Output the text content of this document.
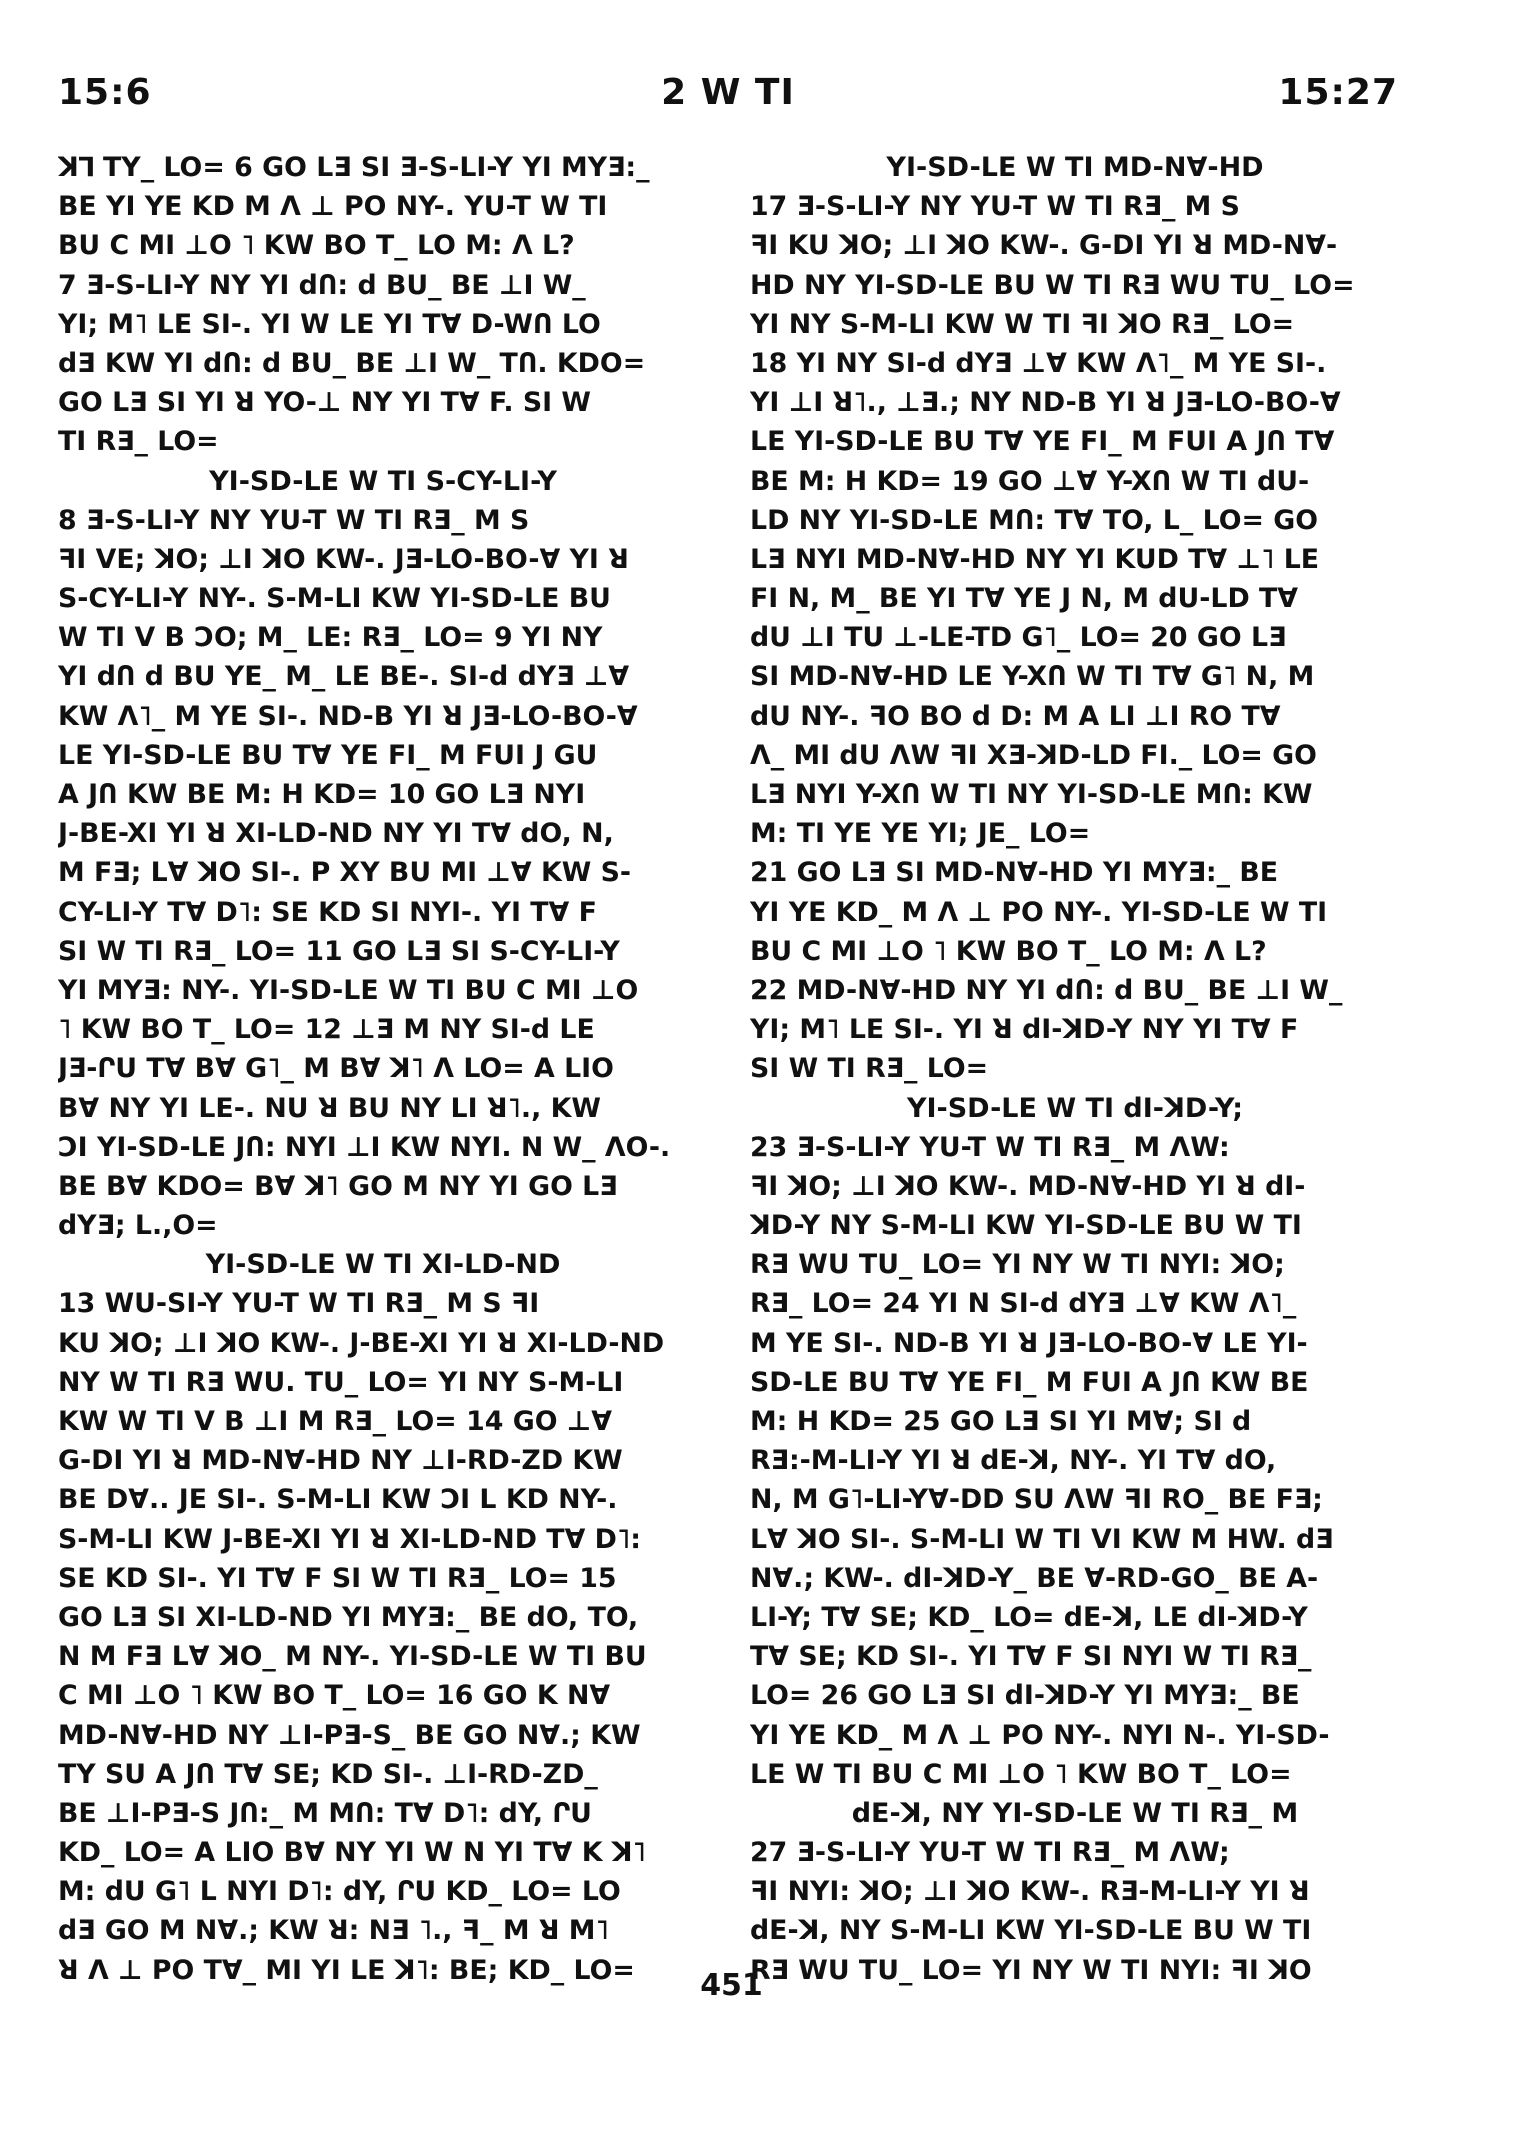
15:6	2 W TI	15:27
ꓘꓶ TY_ LO= 6 GO LƎ SI Ǝ-S-LI-Y YI MYƎ:_
BE YI YE KD M Λ ⊥ PO NY-. YU-T W TI
BU C MI ⊥O ˥ KW BO T_ LO M: Λ L?
7 Ǝ-S-LI-Y NY YI dՈ: d BU_ BE ⊥I W_
YI; M˥ LE SI-. YI W LE YI TⱯ D-WՈ LO
dƎ KW YI dՈ: d BU_ BE ⊥I W_ TՈ. KDO=
GO LƎ SI YI ꓤ YO-⊥ NY YI TⱯ F. SI W
TI RƎ_ LO=
YI-SD-LE W TI S-CY-LI-Y
8 Ǝ-S-LI-Y NY YU-T W TI RƎ_ M S
ꟻI VE; ꓘO; ⊥I ꓘO KW-. JƎ-LO-BO-Ɐ YI ꓤ
S-CY-LI-Y NY-. S-M-LI KW YI-SD-LE BU
W TI V B ƆO; M_ LE: RƎ_ LO= 9 YI NY
YI dՈ d BU YE_ M_ LE BE-. SI-d dYƎ ⊥Ɐ
KW Λ˥_ M YE SI-. ND-B YI ꓤ JƎ-LO-BO-Ɐ
LE YI-SD-LE BU TⱯ YE FI_ M FUI J GU
A JՈ KW BE M: H KD= 10 GO LƎ NYI
J-BE-XI YI ꓤ XI-LD-ND NY YI TⱯ dO, N,
M FƎ; LⱯ ꓘO SI-. P XY BU MI ⊥Ɐ KW S-
CY-LI-Y TⱯ D˥: SE KD SI NYI-. YI TⱯ F
SI W TI RƎ_ LO= 11 GO LƎ SI S-CY-LI-Y
YI MYƎ: NY-. YI-SD-LE W TI BU C MI ⊥O
˥ KW BO T_ LO= 12 ⊥Ǝ M NY SI-d LE
JƎ-ՐU TⱯ BⱯ G˥_ M BⱯ ꓘ˥ Λ LO= A LIO
BⱯ NY YI LE-. NU ꓤ BU NY LI ꓤ˥., KW
ƆI YI-SD-LE JՈ: NYI ⊥I KW NYI. N W_ ΛO-.
BE BⱯ KDO= BⱯ ꓘ˥ GO M NY YI GO LƎ
dYƎ; L.,O=
YI-SD-LE W TI XI-LD-ND
13 WU-SI-Y YU-T W TI RƎ_ M S ꟻI
KU ꓘO; ⊥I ꓘO KW-. J-BE-XI YI ꓤ XI-LD-ND
NY W TI RƎ WU. TU_ LO= YI NY S-M-LI
KW W TI V B ⊥I M RƎ_ LO= 14 GO ⊥Ɐ
G-DI YI ꓤ MD-NⱯ-HD NY ⊥I-RD-ZD KW
BE DⱯ.. JE SI-. S-M-LI KW ƆI L KD NY-.
S-M-LI KW J-BE-XI YI ꓤ XI-LD-ND TⱯ D˥:
SE KD SI-. YI TⱯ F SI W TI RƎ_ LO= 15
GO LƎ SI XI-LD-ND YI MYƎ:_ BE dO, TO,
N M FƎ LⱯ ꓘO_ M NY-. YI-SD-LE W TI BU
C MI ⊥O ˥ KW BO T_ LO= 16 GO K NⱯ
MD-NⱯ-HD NY ⊥I-PƎ-S_ BE GO NⱯ.; KW
TY SU A JՈ TⱯ SE; KD SI-. ⊥I-RD-ZD_
BE ⊥I-PƎ-S JՈ:_ M MՈ: TⱯ D˥: dY, ՐU
KD_ LO= A LIO BⱯ NY YI W N YI TⱯ K ꓘ˥
M: dU G˥ L NYI D˥: dY, ՐU KD_ LO= LO
dƎ GO M NⱯ.; KW ꓤ: NƎ ˥., ꟻ_ M ꓤ M˥
ꓤ Λ ⊥ PO TⱯ_ MI YI LE ꓘ˥: BE; KD_ LO=
YI-SD-LE W TI MD-NⱯ-HD
17 Ǝ-S-LI-Y NY YU-T W TI RƎ_ M S
ꟻI KU ꓘO; ⊥I ꓘO KW-. G-DI YI ꓤ MD-NⱯ-
HD NY YI-SD-LE BU W TI RƎ WU TU_ LO=
YI NY S-M-LI KW W TI ꟻI ꓘO RƎ_ LO=
18 YI NY SI-d dYƎ ⊥Ɐ KW Λ˥_ M YE SI-.
YI ⊥I ꓤ˥., ⊥Ǝ.; NY ND-B YI ꓤ JƎ-LO-BO-Ɐ
LE YI-SD-LE BU TⱯ YE FI_ M FUI A JՈ TⱯ
BE M: H KD= 19 GO ⊥Ɐ Y-XՈ W TI dU-
LD NY YI-SD-LE MՈ: TⱯ TO, L_ LO= GO
LƎ NYI MD-NⱯ-HD NY YI KUD TⱯ ⊥˥ LE
FI N, M_ BE YI TⱯ YE J N, M dU-LD TⱯ
dU ⊥I TU ⊥-LE-TD G˥_ LO= 20 GO LƎ
SI MD-NⱯ-HD LE Y-XՈ W TI TⱯ G˥ N, M
dU NY-. ꟻO BO d D: M A LI ⊥I RO TⱯ
Λ_ MI dU ΛW ꟻI XƎ-ꓘD-LD FI._ LO= GO
LƎ NYI Y-XՈ W TI NY YI-SD-LE MՈ: KW
M: TI YE YE YI; JE_ LO=
21 GO LƎ SI MD-NⱯ-HD YI MYƎ:_ BE
YI YE KD_ M Λ ⊥ PO NY-. YI-SD-LE W TI
BU C MI ⊥O ˥ KW BO T_ LO M: Λ L?
22 MD-NⱯ-HD NY YI dՈ: d BU_ BE ⊥I W_
YI; M˥ LE SI-. YI ꓤ dI-ꓘD-Y NY YI TⱯ F
SI W TI RƎ_ LO=
YI-SD-LE W TI dI-ꓘD-Y;
23 Ǝ-S-LI-Y YU-T W TI RƎ_ M ΛW:
ꟻI ꓘO; ⊥I ꓘO KW-. MD-NⱯ-HD YI ꓤ dI-
ꓘD-Y NY S-M-LI KW YI-SD-LE BU W TI
RƎ WU TU_ LO= YI NY W TI NYI: ꓘO;
RƎ_ LO= 24 YI N SI-d dYƎ ⊥Ɐ KW Λ˥_
M YE SI-. ND-B YI ꓤ JƎ-LO-BO-Ɐ LE YI-
SD-LE BU TⱯ YE FI_ M FUI A JՈ KW BE
M: H KD= 25 GO LƎ SI YI MⱯ; SI d
RƎ:-M-LI-Y YI ꓤ dE-ꓘ, NY-. YI TⱯ dO,
N, M G˥-LI-YⱯ-DD SU ΛW ꟻI RO_ BE FƎ;
LⱯ ꓘO SI-. S-M-LI W TI VI KW M HW. dƎ
NⱯ.; KW-. dI-ꓘD-Y_ BE Ɐ-RD-GO_ BE A-
LI-Y; TⱯ SE; KD_ LO= dE-ꓘ, LE dI-ꓘD-Y
TⱯ SE; KD SI-. YI TⱯ F SI NYI W TI RƎ_
LO= 26 GO LƎ SI dI-ꓘD-Y YI MYƎ:_ BE
YI YE KD_ M Λ ⊥ PO NY-. NYI N-. YI-SD-
LE W TI BU C MI ⊥O ˥ KW BO T_ LO=
dE-ꓘ, NY YI-SD-LE W TI RƎ_ M
27 Ǝ-S-LI-Y YU-T W TI RƎ_ M ΛW;
ꟻI NYI: ꓘO; ⊥I ꓘO KW-. RƎ-M-LI-Y YI ꓤ
dE-ꓘ, NY S-M-LI KW YI-SD-LE BU W TI
RƎ WU TU_ LO= YI NY W TI NYI: ꟻI ꓘO
451
